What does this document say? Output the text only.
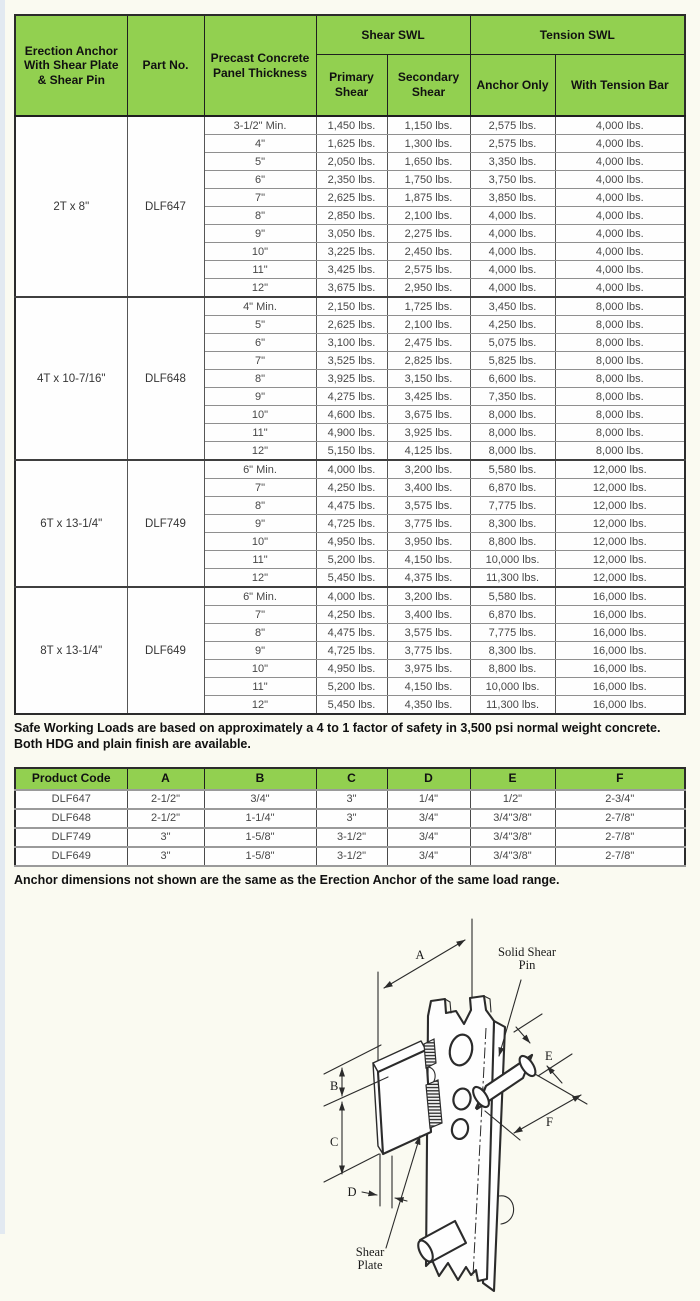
Erection Anchor With Shear Plate & Shear Pin	Part No.	Precast Concrete Panel Thickness	Shear SWL		Tension SWL	
			Primary Shear	Secondary Shear	Anchor Only	With Tension Bar
2T x 8"	DLF647	3-1/2" Min.	1,450 lbs.	1,150 lbs.	2,575 lbs.	4,000 lbs.
		4"	1,625 lbs.	1,300 lbs.	2,575 lbs.	4,000 lbs.
		5"	2,050 lbs.	1,650 lbs.	3,350 lbs.	4,000 lbs.
		6"	2,350 lbs.	1,750 lbs.	3,750 lbs.	4,000 lbs.
		7"	2,625 lbs.	1,875 lbs.	3,850 lbs.	4,000 lbs.
		8"	2,850 lbs.	2,100 lbs.	4,000 lbs.	4,000 lbs.
		9"	3,050 lbs.	2,275 lbs.	4,000 lbs.	4,000 lbs.
		10"	3,225 lbs.	2,450 lbs.	4,000 lbs.	4,000 lbs.
		11"	3,425 lbs.	2,575 lbs.	4,000 lbs.	4,000 lbs.
		12"	3,675 lbs.	2,950 lbs.	4,000 lbs.	4,000 lbs.
4T x 10-7/16"	DLF648	4" Min.	2,150 lbs.	1,725 lbs.	3,450 lbs.	8,000 lbs.
		5"	2,625 lbs.	2,100 lbs.	4,250 lbs.	8,000 lbs.
		6"	3,100 lbs.	2,475 lbs.	5,075 lbs.	8,000 lbs.
		7"	3,525 lbs.	2,825 lbs.	5,825 lbs.	8,000 lbs.
		8"	3,925 lbs.	3,150 lbs.	6,600 lbs.	8,000 lbs.
		9"	4,275 lbs.	3,425 lbs.	7,350 lbs.	8,000 lbs.
		10"	4,600 lbs.	3,675 lbs.	8,000 lbs.	8,000 lbs.
		11"	4,900 lbs.	3,925 lbs.	8,000 lbs.	8,000 lbs.
		12"	5,150 lbs.	4,125 lbs.	8,000 lbs.	8,000 lbs.
6T x 13-1/4"	DLF749	6" Min.	4,000 lbs.	3,200 lbs.	5,580 lbs.	12,000 lbs.
		7"	4,250 lbs.	3,400 lbs.	6,870 lbs.	12,000 lbs.
		8"	4,475 lbs.	3,575 lbs.	7,775 lbs.	12,000 lbs.
		9"	4,725 lbs.	3,775 lbs.	8,300 lbs.	12,000 lbs.
		10"	4,950 lbs.	3,950 lbs.	8,800 lbs.	12,000 lbs.
		11"	5,200 lbs.	4,150 lbs.	10,000 lbs.	12,000 lbs.
		12"	5,450 lbs.	4,375 lbs.	11,300 lbs.	12,000 lbs.
8T x 13-1/4"	DLF649	6" Min.	4,000 lbs.	3,200 lbs.	5,580 lbs.	16,000 lbs.
		7"	4,250 lbs.	3,400 lbs.	6,870 lbs.	16,000 lbs.
		8"	4,475 lbs.	3,575 lbs.	7,775 lbs.	16,000 lbs.
		9"	4,725 lbs.	3,775 lbs.	8,300 lbs.	16,000 lbs.
		10"	4,950 lbs.	3,975 lbs.	8,800 lbs.	16,000 lbs.
		11"	5,200 lbs.	4,150 lbs.	10,000 lbs.	16,000 lbs.
		12"	5,450 lbs.	4,350 lbs.	11,300 lbs.	16,000 lbs.
Safe Working Loads are based on approximately a 4 to 1 factor of safety in 3,500 psi normal weight concrete.
Both HDG and plain finish are available.
Product Code	A	B	C	D	E	F
DLF647	2-1/2"	3/4"	3"	1/4"	1/2"	2-3/4"
DLF648	2-1/2"	1-1/4"	3"	3/4"	3/4"3/8"	2-7/8"
DLF749	3"	1-5/8"	3-1/2"	3/4"	3/4"3/8"	2-7/8"
DLF649	3"	1-5/8"	3-1/2"	3/4"	3/4"3/8"	2-7/8"
Anchor dimensions not shown are the same as the Erection Anchor of the same load range.
A	Solid Shear
Pin
E
F
B
C
D
Shear
Plate
